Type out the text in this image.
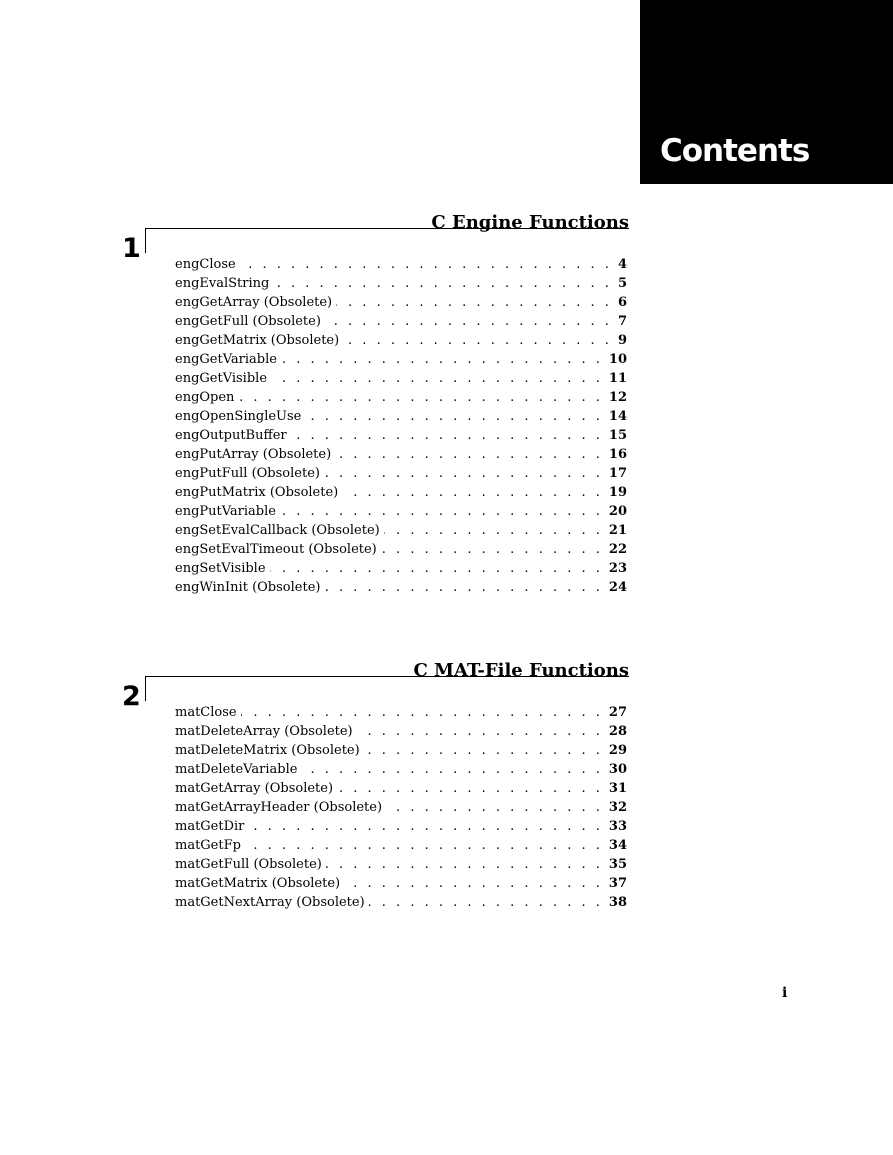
Contents
C Engine Functions
1
engClose . . .	4
engEvalString . . .	5
engGetArray (Obsolete) . . .	6
engGetFull (Obsolete) . . .	7
engGetMatrix (Obsolete) . . .	9
engGetVariable . . .	10
engGetVisible . . .	11
engOpen . . .	12
engOpenSingleUse . . .	14
engOutputBuffer . . .	15
engPutArray (Obsolete) . . .	16
engPutFull (Obsolete) . . .	17
engPutMatrix (Obsolete) . . .	19
engPutVariable . . .	20
engSetEvalCallback (Obsolete) . . .	21
engSetEvalTimeout (Obsolete) . . .	22
engSetVisible . . .	23
engWinInit (Obsolete) . . .	24
C MAT-File Functions
2
matClose . . .	27
matDeleteArray (Obsolete) . . .	28
matDeleteMatrix (Obsolete) . . .	29
matDeleteVariable . . .	30
matGetArray (Obsolete) . . .	31
matGetArrayHeader (Obsolete) . . .	32
matGetDir . . .	33
matGetFp . . .	34
matGetFull (Obsolete) . . .	35
matGetMatrix (Obsolete) . . .	37
matGetNextArray (Obsolete) . . .	38
i
